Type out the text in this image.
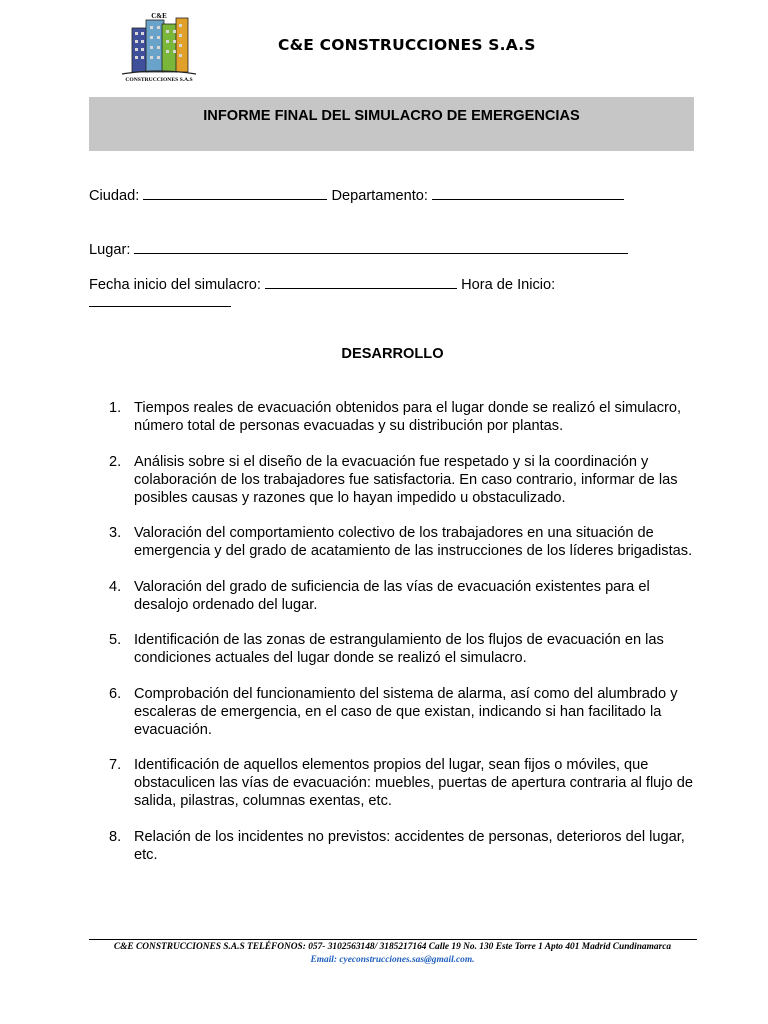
C&E
CONSTRUCCIONES S.A.S
C&E CONSTRUCCIONES S.A.S
INFORME FINAL DEL SIMULACRO DE EMERGENCIAS
Ciudad:	Departamento:
Lugar:
Fecha inicio del simulacro:	Hora de Inicio:
DESARROLLO
1. Tiempos reales de evacuación obtenidos para el lugar donde se realizó el simulacro, número total de personas evacuadas y su distribución por plantas.
2. Análisis sobre si el diseño de la evacuación fue respetado y si la coordinación y colaboración de los trabajadores fue satisfactoria. En caso contrario, informar de las posibles causas y razones que lo hayan impedido u obstaculizado.
3. Valoración del comportamiento colectivo de los trabajadores en una situación de emergencia y del grado de acatamiento de las instrucciones de los líderes brigadistas.
4. Valoración del grado de suficiencia de las vías de evacuación existentes para el desalojo ordenado del lugar.
5. Identificación de las zonas de estrangulamiento de los flujos de evacuación en las condiciones actuales del lugar donde se realizó el simulacro.
6. Comprobación del funcionamiento del sistema de alarma, así como del alumbrado y escaleras de emergencia, en el caso de que existan, indicando si han facilitado la evacuación.
7. Identificación de aquellos elementos propios del lugar, sean fijos o móviles, que obstaculicen las vías de evacuación: muebles, puertas de apertura contraria al flujo de salida, pilastras, columnas exentas, etc.
8. Relación de los incidentes no previstos: accidentes de personas, deterioros del lugar, etc.
C&E CONSTRUCCIONES S.A.S TELÉFONOS: 057- 3102563148/ 3185217164 Calle 19 No. 130 Este Torre 1 Apto 401 Madrid Cundinamarca
Email: cyeconstrucciones.sas@gmail.com.
